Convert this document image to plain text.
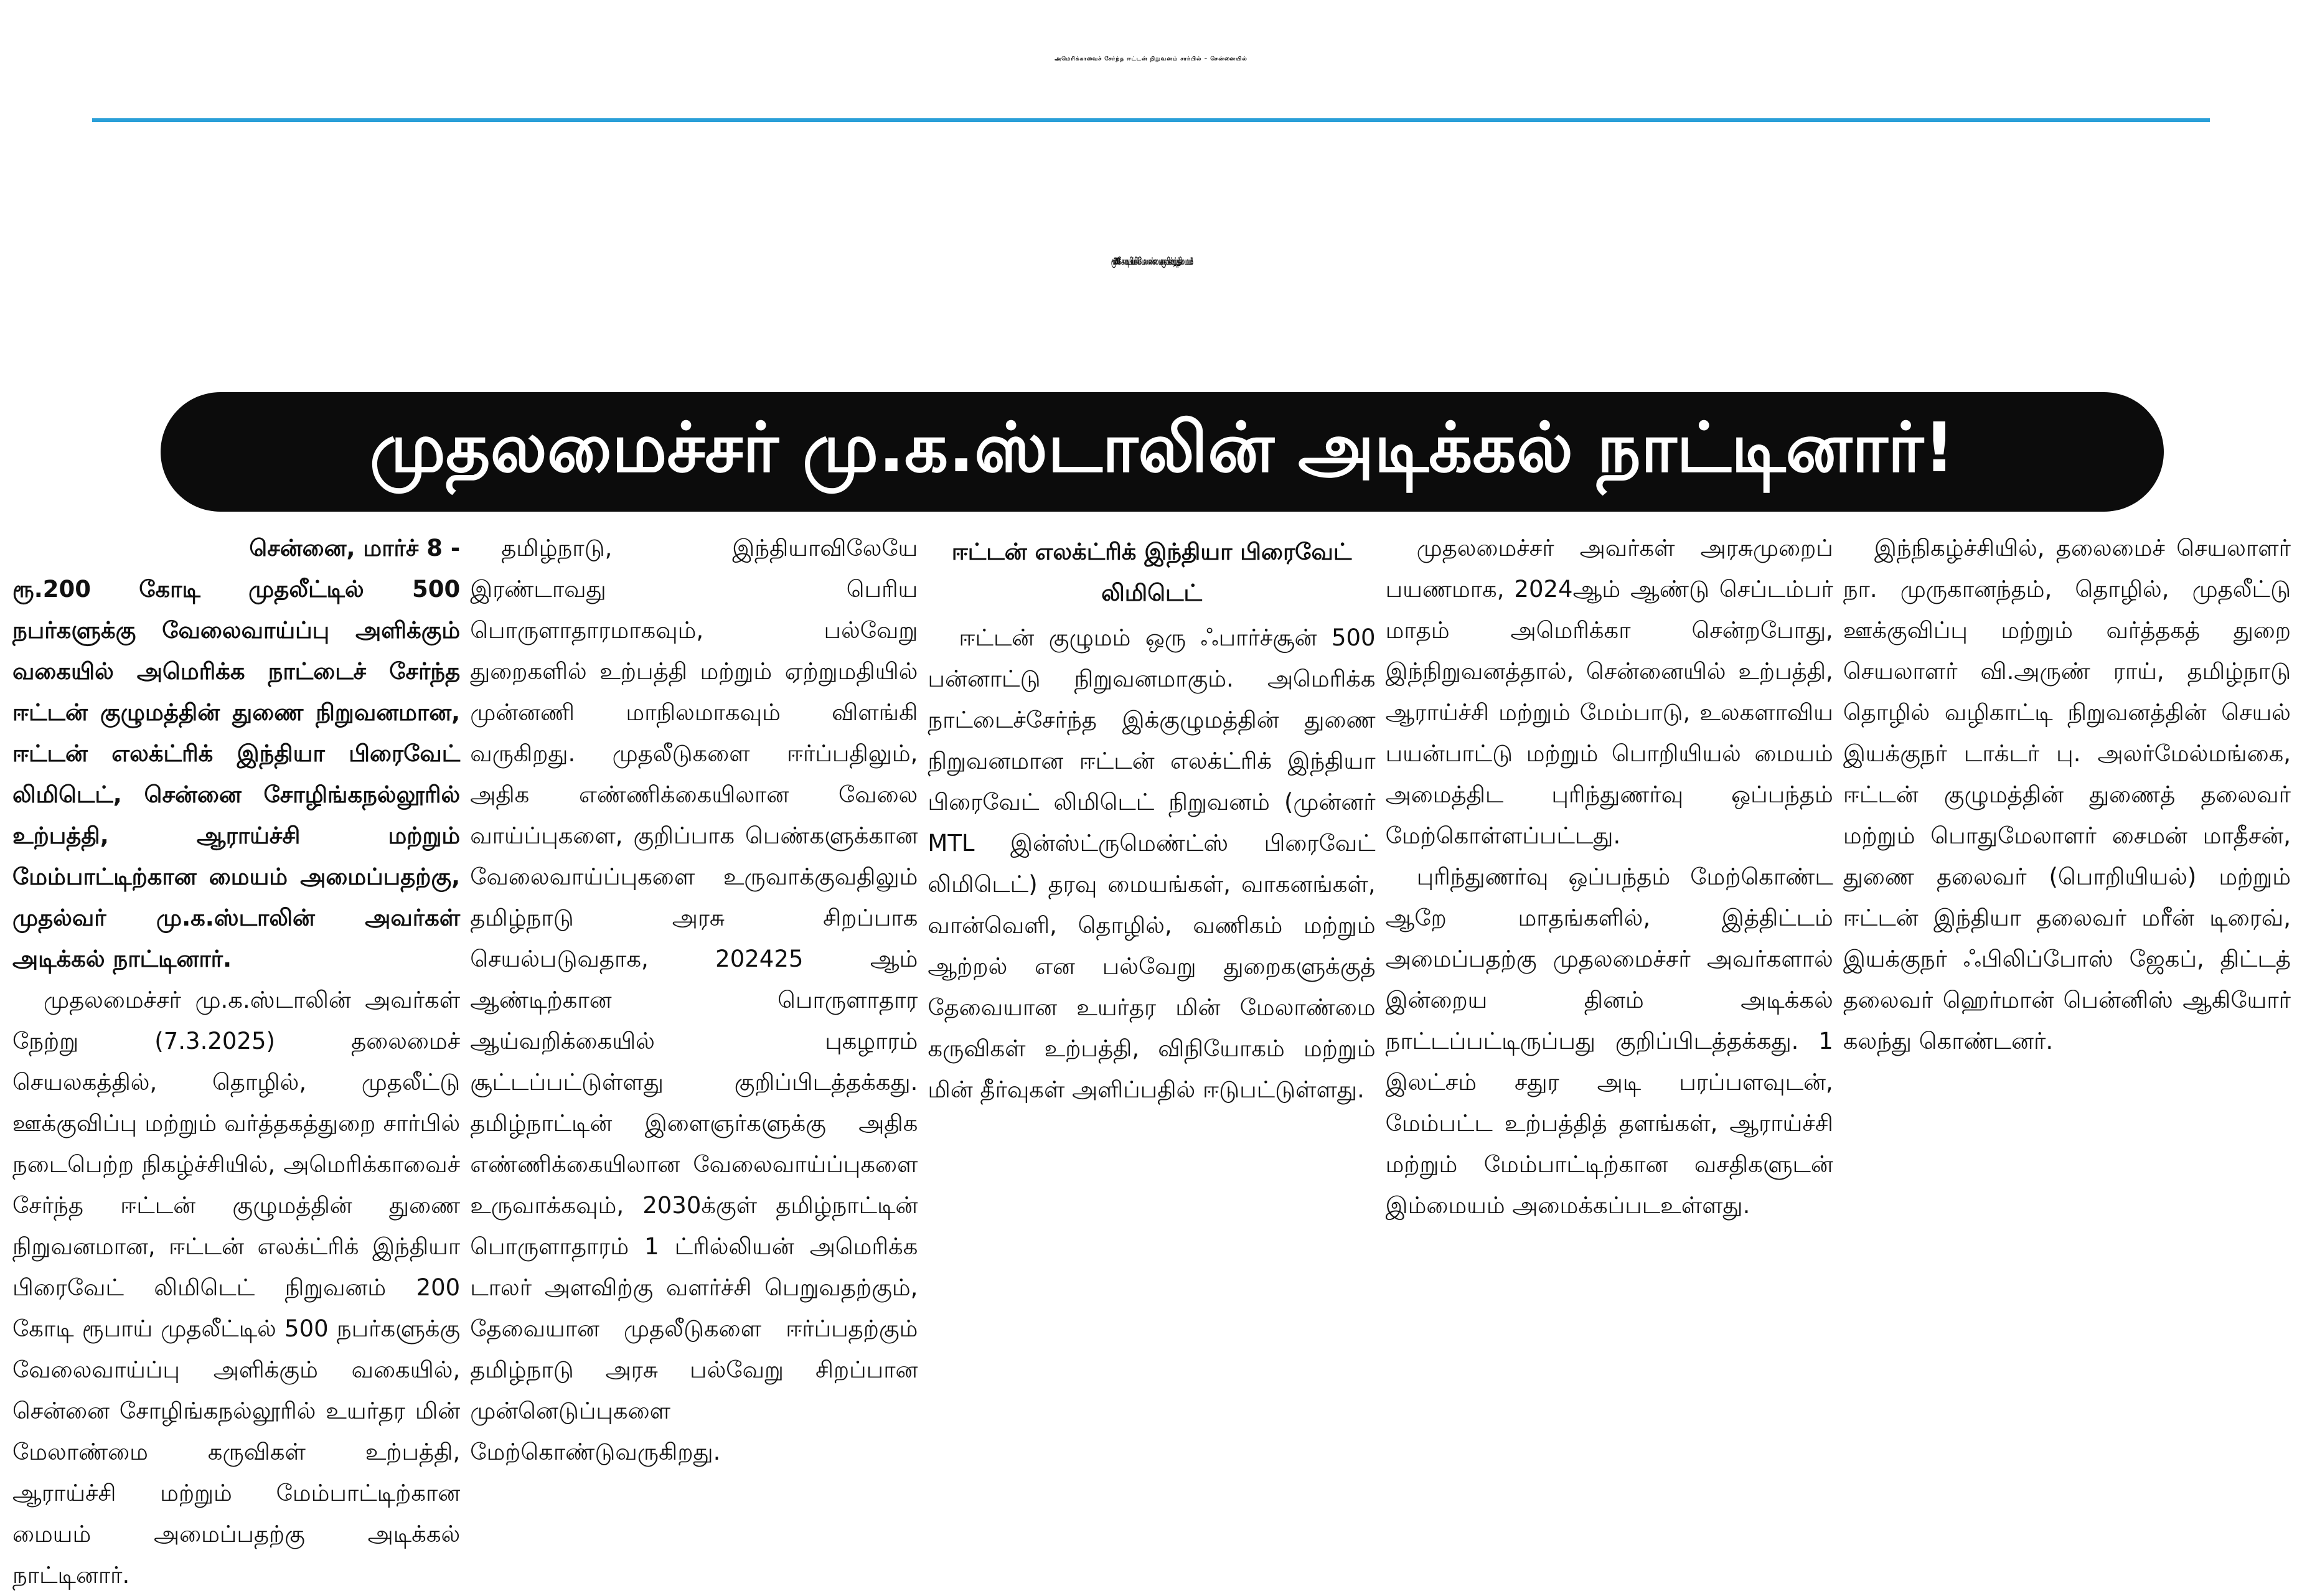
அமெரிக்காவைச் சேர்ந்த ஈட்டன் நிறுவனம் சார்பில் – சென்னையில்
ரூ.200 கோடியில் மின் மேலாண்மை கருவிகள் உற்பத்தி மையம்!
முதலமைச்சர் மு.க.ஸ்டாலின் அடிக்கல் நாட்டினார்!
சென்னை, மார்ச் 8 -

ரூ.200 கோடி முதலீட்டில் 500 நபர்களுக்கு வேலைவாய்ப்பு அளிக்கும் வகையில் அமெரிக்க நாட்டைச் சேர்ந்த ஈட்டன் குழுமத்தின் துணை நிறுவனமான, ஈட்டன் எலக்ட்ரிக் இந்தியா பிரைவேட் லிமிடெட், சென்னை சோழிங்கநல்லூரில் உற்பத்தி, ஆராய்ச்சி மற்றும் மேம்பாட்டிற்கான மையம் அமைப்பதற்கு, முதல்வர் மு.க.ஸ்டாலின் அவர்கள் அடிக்கல் நாட்டினார்.

முதலமைச்சர் மு.க.ஸ்டாலின் அவர்கள் நேற்று (7.3.2025) தலைமைச் செயலகத்தில், தொழில், முதலீட்டு ஊக்குவிப்பு மற்றும் வர்த்தகத்துறை சார்பில் நடைபெற்ற நிகழ்ச்சியில், அமெரிக்காவைச் சேர்ந்த ஈட்டன் குழுமத்தின் துணை நிறுவனமான, ஈட்டன் எலக்ட்ரிக் இந்தியா பிரைவேட் லிமிடெட் நிறுவனம் 200 கோடி ரூபாய் முதலீட்டில் 500 நபர்களுக்கு வேலைவாய்ப்பு அளிக்கும் வகையில், சென்னை சோழிங்கநல்லூரில் உயர்தர மின் மேலாண்மை கருவிகள் உற்பத்தி, ஆராய்ச்சி மற்றும் மேம்பாட்டிற்கான மையம் அமைப்பதற்கு அடிக்கல் நாட்டினார்.

தமிழ்நாடு, இந்தியாவிலேயே இரண்டாவது பெரிய பொருளாதாரமாகவும், பல்வேறு துறைகளில் உற்பத்தி மற்றும் ஏற்றுமதியில் முன்னணி மாநிலமாகவும் விளங்கி வருகிறது. முதலீடுகளை ஈர்ப்பதிலும், அதிக எண்ணிக்கையிலான வேலை வாய்ப்புகளை, குறிப்பாக பெண்களுக்கான வேலைவாய்ப்புகளை உருவாக்குவதிலும் தமிழ்நாடு அரசு சிறப்பாக செயல்படுவதாக, 202425 ஆம் ஆண்டிற்கான பொருளாதார ஆய்வறிக்கையில் புகழாரம் சூட்டப்பட்டுள்ளது குறிப்பிடத்தக்கது. தமிழ்நாட்டின் இளைஞர்களுக்கு அதிக எண்ணிக்கையிலான வேலைவாய்ப்புகளை உருவாக்கவும், 2030க்குள் தமிழ்நாட்டின் பொருளாதாரம் 1 ட்ரில்லியன் அமெரிக்க டாலர் அளவிற்கு வளர்ச்சி பெறுவதற்கும், தேவையான முதலீடுகளை ஈர்ப்பதற்கும் தமிழ்நாடு அரசு பல்வேறு சிறப்பான முன்னெடுப்புகளை மேற்கொண்டுவருகிறது.

ஈட்டன் எலக்ட்ரிக் இந்தியா பிரைவேட் லிமிடெட்

ஈட்டன் குழுமம் ஒரு ஃபார்ச்சூன் 500 பன்னாட்டு நிறுவனமாகும். அமெரிக்க நாட்டைச்சேர்ந்த இக்குழுமத்தின் துணை நிறுவனமான ஈட்டன் எலக்ட்ரிக் இந்தியா பிரைவேட் லிமிடெட் நிறுவனம் (முன்னர் MTL இன்ஸ்ட்ருமெண்ட்ஸ் பிரைவேட் லிமிடெட்) தரவு மையங்கள், வாகனங்கள், வான்வெளி, தொழில், வணிகம் மற்றும் ஆற்றல் என பல்வேறு துறைகளுக்குத் தேவையான உயர்தர மின் மேலாண்மை கருவிகள் உற்பத்தி, விநியோகம் மற்றும் மின் தீர்வுகள் அளிப்பதில் ஈடுபட்டுள்ளது.

முதலமைச்சர் அவர்கள் அரசுமுறைப் பயணமாக, 2024ஆம் ஆண்டு செப்டம்பர் மாதம் அமெரிக்கா சென்றபோது, இந்நிறுவனத்தால், சென்னையில் உற்பத்தி, ஆராய்ச்சி மற்றும் மேம்பாடு, உலகளாவிய பயன்பாட்டு மற்றும் பொறியியல் மையம் அமைத்திட புரிந்துணர்வு ஒப்பந்தம் மேற்கொள்ளப்பட்டது.

புரிந்துணர்வு ஒப்பந்தம் மேற்கொண்ட ஆறே மாதங்களில், இத்திட்டம் அமைப்பதற்கு முதலமைச்சர் அவர்களால் இன்றைய தினம் அடிக்கல் நாட்டப்பட்டிருப்பது குறிப்பிடத்தக்கது. 1 இலட்சம் சதுர அடி பரப்பளவுடன், மேம்பட்ட உற்பத்தித் தளங்கள், ஆராய்ச்சி மற்றும் மேம்பாட்டிற்கான வசதிகளுடன் இம்மையம் அமைக்கப்படஉள்ளது.

இந்நிகழ்ச்சியில், தலைமைச் செயலாளர் நா. முருகானந்தம், தொழில், முதலீட்டு ஊக்குவிப்பு மற்றும் வர்த்தகத் துறை செயலாளர் வி.அருண் ராய், தமிழ்நாடு தொழில் வழிகாட்டி நிறுவனத்தின் செயல் இயக்குநர் டாக்டர் பு. அலர்மேல்மங்கை, ஈட்டன் குழுமத்தின் துணைத் தலைவர் மற்றும் பொதுமேலாளர் சைமன் மாதீசன், துணை தலைவர் (பொறியியல்) மற்றும் ஈட்டன் இந்தியா தலைவர் மரீன் டிரைவ், இயக்குநர் ஃபிலிப்போஸ் ஜேகப், திட்டத் தலைவர் ஹெர்மான் பென்னிஸ் ஆகியோர் கலந்து கொண்டனர்.
